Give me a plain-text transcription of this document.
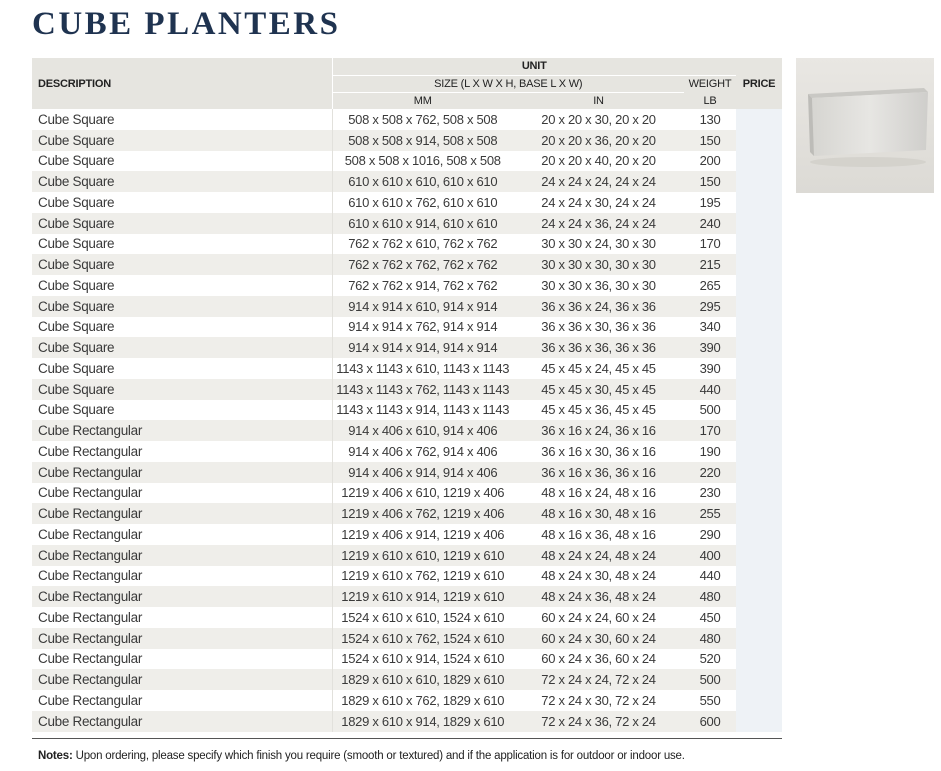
CUBE PLANTERS
DESCRIPTION	UNIT			PRICE
	SIZE (L X W X H, BASE L X W)		WEIGHT	
	MM	IN	LB	
Cube Square	508 x 508 x 762, 508 x 508	20 x 20 x 30, 20 x 20	130	
Cube Square	508 x 508 x 914, 508 x 508	20 x 20 x 36, 20 x 20	150	
Cube Square	508 x 508 x 1016, 508 x 508	20 x 20 x 40, 20 x 20	200	
Cube Square	610 x 610 x 610, 610 x 610	24 x 24 x 24, 24 x 24	150	
Cube Square	610 x 610 x 762, 610 x 610	24 x 24 x 30, 24 x 24	195	
Cube Square	610 x 610 x 914, 610 x 610	24 x 24 x 36, 24 x 24	240	
Cube Square	762 x 762 x 610, 762 x 762	30 x 30 x 24, 30 x 30	170	
Cube Square	762 x 762 x 762, 762 x 762	30 x 30 x 30, 30 x 30	215	
Cube Square	762 x 762 x 914, 762 x 762	30 x 30 x 36, 30 x 30	265	
Cube Square	914 x 914 x 610, 914 x 914	36 x 36 x 24, 36 x 36	295	
Cube Square	914 x 914 x 762, 914 x 914	36 x 36 x 30, 36 x 36	340	
Cube Square	914 x 914 x 914, 914 x 914	36 x 36 x 36, 36 x 36	390	
Cube Square	1143 x 1143 x 610, 1143 x 1143	45 x 45 x 24, 45 x 45	390	
Cube Square	1143 x 1143 x 762, 1143 x 1143	45 x 45 x 30, 45 x 45	440	
Cube Square	1143 x 1143 x 914, 1143 x 1143	45 x 45 x 36, 45 x 45	500	
Cube Rectangular	914 x 406 x 610, 914 x 406	36 x 16 x 24, 36 x 16	170	
Cube Rectangular	914 x 406 x 762, 914 x 406	36 x 16 x 30, 36 x 16	190	
Cube Rectangular	914 x 406 x 914, 914 x 406	36 x 16 x 36, 36 x 16	220	
Cube Rectangular	1219 x 406 x 610, 1219 x 406	48 x 16 x 24, 48 x 16	230	
Cube Rectangular	1219 x 406 x 762, 1219 x 406	48 x 16 x 30, 48 x 16	255	
Cube Rectangular	1219 x 406 x 914, 1219 x 406	48 x 16 x 36, 48 x 16	290	
Cube Rectangular	1219 x 610 x 610, 1219 x 610	48 x 24 x 24, 48 x 24	400	
Cube Rectangular	1219 x 610 x 762, 1219 x 610	48 x 24 x 30, 48 x 24	440	
Cube Rectangular	1219 x 610 x 914, 1219 x 610	48 x 24 x 36, 48 x 24	480	
Cube Rectangular	1524 x 610 x 610, 1524 x 610	60 x 24 x 24, 60 x 24	450	
Cube Rectangular	1524 x 610 x 762, 1524 x 610	60 x 24 x 30, 60 x 24	480	
Cube Rectangular	1524 x 610 x 914, 1524 x 610	60 x 24 x 36, 60 x 24	520	
Cube Rectangular	1829 x 610 x 610, 1829 x 610	72 x 24 x 24, 72 x 24	500	
Cube Rectangular	1829 x 610 x 762, 1829 x 610	72 x 24 x 30, 72 x 24	550	
Cube Rectangular	1829 x 610 x 914, 1829 x 610	72 x 24 x 36, 72 x 24	600	
Notes: Upon ordering, please specify which finish you require (smooth or textured) and if the application is for outdoor or indoor use.
